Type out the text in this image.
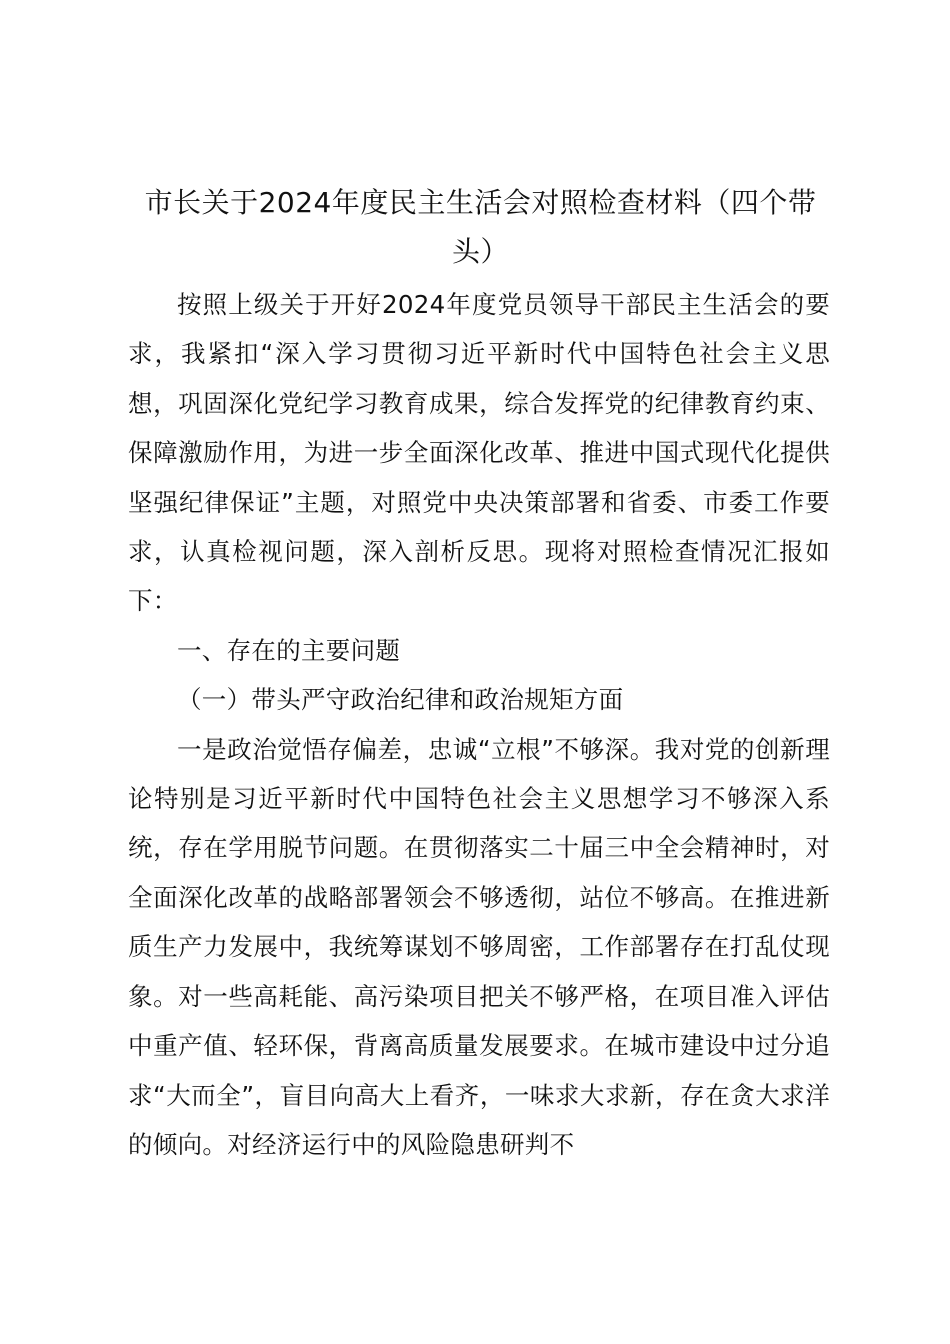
市长关于2024年度民主生活会对照检查材料（四个带头）

按照上级关于开好2024年度党员领导干部民主生活会的要求，我紧扣“深入学习贯彻习近平新时代中国特色社会主义思想，巩固深化党纪学习教育成果，综合发挥党的纪律教育约束、保障激励作用，为进一步全面深化改革、推进中国式现代化提供坚强纪律保证”主题，对照党中央决策部署和省委、市委工作要求，认真检视问题，深入剖析反思。现将对照检查情况汇报如下：

一、存在的主要问题

（一）带头严守政治纪律和政治规矩方面

一是政治觉悟存偏差，忠诚“立根”不够深。我对党的创新理论特别是习近平新时代中国特色社会主义思想学习不够深入系统，存在学用脱节问题。在贯彻落实二十届三中全会精神时，对全面深化改革的战略部署领会不够透彻，站位不够高。在推进新质生产力发展中，我统筹谋划不够周密，工作部署存在打乱仗现象。对一些高耗能、高污染项目把关不够严格，在项目准入评估中重产值、轻环保，背离高质量发展要求。在城市建设中过分追求“大而全”，盲目向高大上看齐，一味求大求新，存在贪大求洋的倾向。对经济运行中的风险隐患研判不
